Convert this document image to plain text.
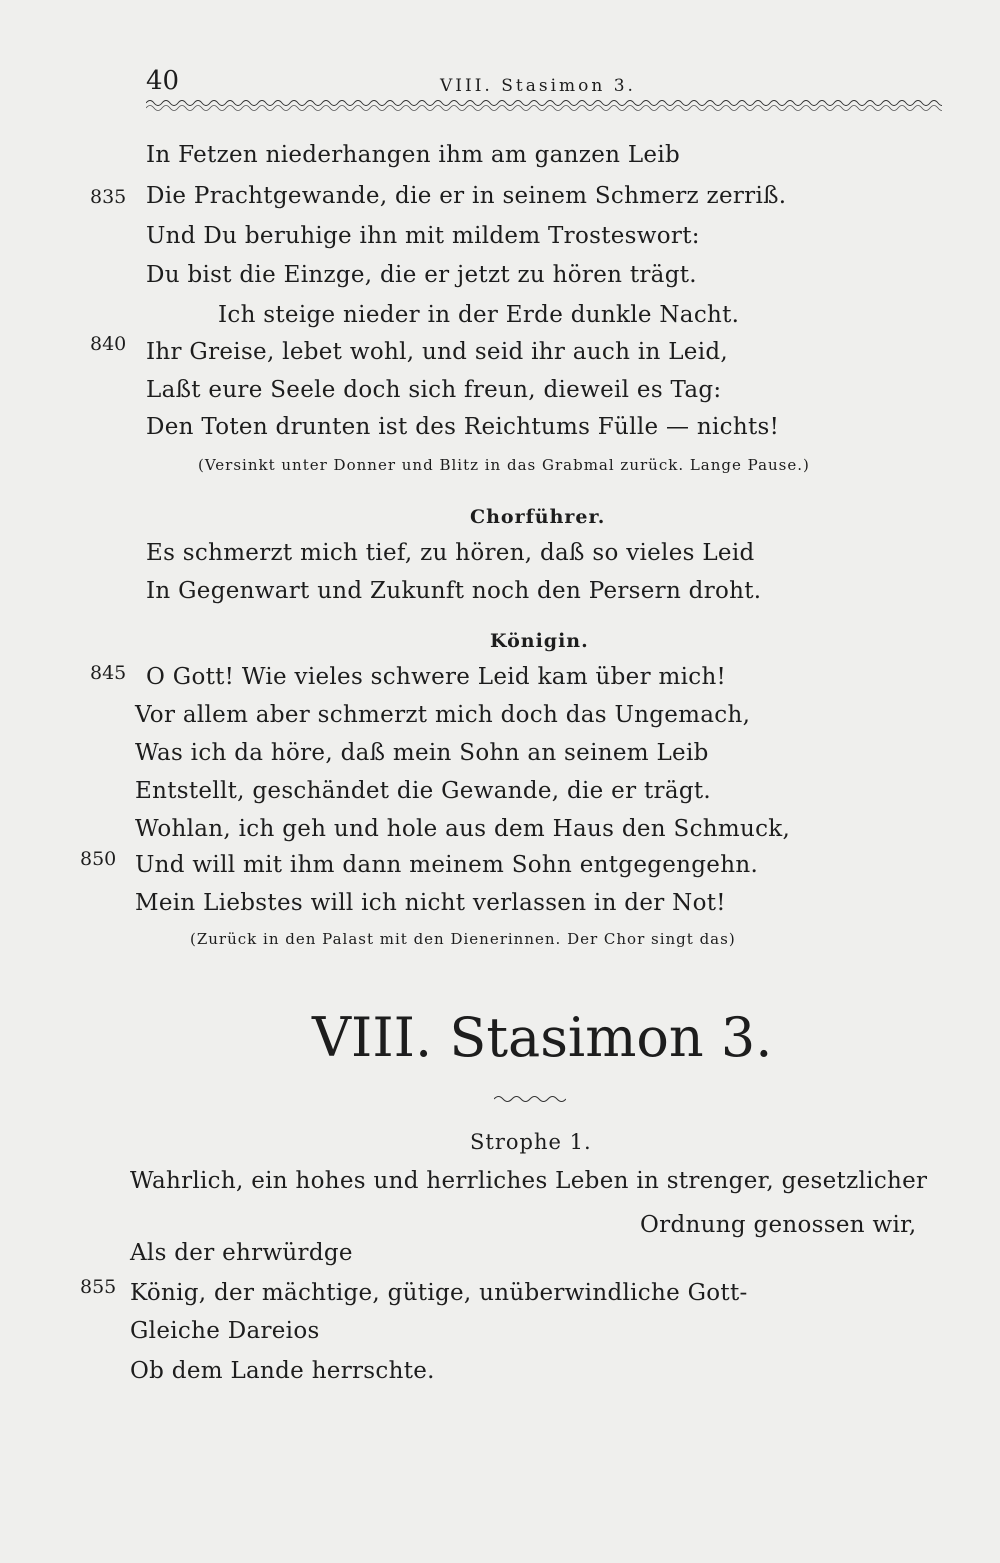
40	VIII. Stasimon 3.
In Fetzen niederhangen ihm am ganzen Leib
835 Die Prachtgewande, die er in seinem Schmerz zerriß.
Und Du beruhige ihn mit mildem Trosteswort:
Du bist die Einzge, die er jetzt zu hören trägt.
Ich steige nieder in der Erde dunkle Nacht.
840 Ihr Greise, lebet wohl, und seid ihr auch in Leid,
Laßt eure Seele doch sich freun, dieweil es Tag:
Den Toten drunten ist des Reichtums Fülle — nichts!
(Versinkt unter Donner und Blitz in das Grabmal zurück. Lange Pause.)
Chorführer.
Es schmerzt mich tief, zu hören, daß so vieles Leid
In Gegenwart und Zukunft noch den Persern droht.
Königin.
845 O Gott! Wie vieles schwere Leid kam über mich!
Vor allem aber schmerzt mich doch das Ungemach,
Was ich da höre, daß mein Sohn an seinem Leib
Entstellt, geschändet die Gewande, die er trägt.
Wohlan, ich geh und hole aus dem Haus den Schmuck,
850 Und will mit ihm dann meinem Sohn entgegengehn.
Mein Liebstes will ich nicht verlassen in der Not!
(Zurück in den Palast mit den Dienerinnen. Der Chor singt das)
VIII. Stasimon 3.
Strophe 1.
Wahrlich, ein hohes und herrliches Leben in strenger, gesetzlicher
Ordnung genossen wir,
Als der ehrwürdge
855 König, der mächtige, gütige, unüberwindliche Gott-
Gleiche Dareios
Ob dem Lande herrschte.
